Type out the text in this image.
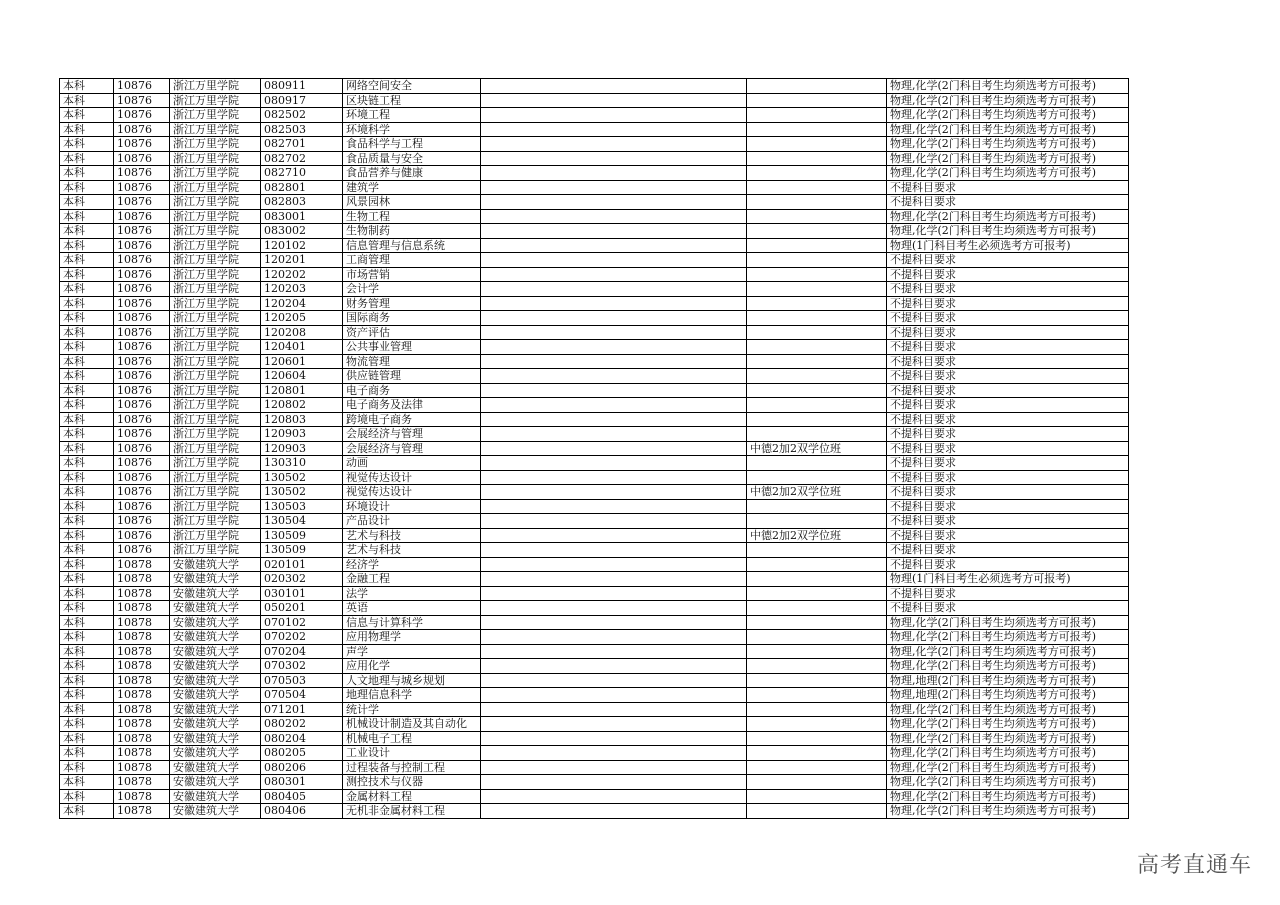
本科	10876	浙江万里学院	080911	网络空间安全			物理,化学(2门科目考生均须选考方可报考)
本科	10876	浙江万里学院	080917	区块链工程			物理,化学(2门科目考生均须选考方可报考)
本科	10876	浙江万里学院	082502	环境工程			物理,化学(2门科目考生均须选考方可报考)
本科	10876	浙江万里学院	082503	环境科学			物理,化学(2门科目考生均须选考方可报考)
本科	10876	浙江万里学院	082701	食品科学与工程			物理,化学(2门科目考生均须选考方可报考)
本科	10876	浙江万里学院	082702	食品质量与安全			物理,化学(2门科目考生均须选考方可报考)
本科	10876	浙江万里学院	082710	食品营养与健康			物理,化学(2门科目考生均须选考方可报考)
本科	10876	浙江万里学院	082801	建筑学			不提科目要求
本科	10876	浙江万里学院	082803	风景园林			不提科目要求
本科	10876	浙江万里学院	083001	生物工程			物理,化学(2门科目考生均须选考方可报考)
本科	10876	浙江万里学院	083002	生物制药			物理,化学(2门科目考生均须选考方可报考)
本科	10876	浙江万里学院	120102	信息管理与信息系统			物理(1门科目考生必须选考方可报考)
本科	10876	浙江万里学院	120201	工商管理			不提科目要求
本科	10876	浙江万里学院	120202	市场营销			不提科目要求
本科	10876	浙江万里学院	120203	会计学			不提科目要求
本科	10876	浙江万里学院	120204	财务管理			不提科目要求
本科	10876	浙江万里学院	120205	国际商务			不提科目要求
本科	10876	浙江万里学院	120208	资产评估			不提科目要求
本科	10876	浙江万里学院	120401	公共事业管理			不提科目要求
本科	10876	浙江万里学院	120601	物流管理			不提科目要求
本科	10876	浙江万里学院	120604	供应链管理			不提科目要求
本科	10876	浙江万里学院	120801	电子商务			不提科目要求
本科	10876	浙江万里学院	120802	电子商务及法律			不提科目要求
本科	10876	浙江万里学院	120803	跨境电子商务			不提科目要求
本科	10876	浙江万里学院	120903	会展经济与管理			不提科目要求
本科	10876	浙江万里学院	120903	会展经济与管理		中德2加2双学位班	不提科目要求
本科	10876	浙江万里学院	130310	动画			不提科目要求
本科	10876	浙江万里学院	130502	视觉传达设计			不提科目要求
本科	10876	浙江万里学院	130502	视觉传达设计		中德2加2双学位班	不提科目要求
本科	10876	浙江万里学院	130503	环境设计			不提科目要求
本科	10876	浙江万里学院	130504	产品设计			不提科目要求
本科	10876	浙江万里学院	130509	艺术与科技		中德2加2双学位班	不提科目要求
本科	10876	浙江万里学院	130509	艺术与科技			不提科目要求
本科	10878	安徽建筑大学	020101	经济学			不提科目要求
本科	10878	安徽建筑大学	020302	金融工程			物理(1门科目考生必须选考方可报考)
本科	10878	安徽建筑大学	030101	法学			不提科目要求
本科	10878	安徽建筑大学	050201	英语			不提科目要求
本科	10878	安徽建筑大学	070102	信息与计算科学			物理,化学(2门科目考生均须选考方可报考)
本科	10878	安徽建筑大学	070202	应用物理学			物理,化学(2门科目考生均须选考方可报考)
本科	10878	安徽建筑大学	070204	声学			物理,化学(2门科目考生均须选考方可报考)
本科	10878	安徽建筑大学	070302	应用化学			物理,化学(2门科目考生均须选考方可报考)
本科	10878	安徽建筑大学	070503	人文地理与城乡规划			物理,地理(2门科目考生均须选考方可报考)
本科	10878	安徽建筑大学	070504	地理信息科学			物理,地理(2门科目考生均须选考方可报考)
本科	10878	安徽建筑大学	071201	统计学			物理,化学(2门科目考生均须选考方可报考)
本科	10878	安徽建筑大学	080202	机械设计制造及其自动化			物理,化学(2门科目考生均须选考方可报考)
本科	10878	安徽建筑大学	080204	机械电子工程			物理,化学(2门科目考生均须选考方可报考)
本科	10878	安徽建筑大学	080205	工业设计			物理,化学(2门科目考生均须选考方可报考)
本科	10878	安徽建筑大学	080206	过程装备与控制工程			物理,化学(2门科目考生均须选考方可报考)
本科	10878	安徽建筑大学	080301	测控技术与仪器			物理,化学(2门科目考生均须选考方可报考)
本科	10878	安徽建筑大学	080405	金属材料工程			物理,化学(2门科目考生均须选考方可报考)
本科	10878	安徽建筑大学	080406	无机非金属材料工程			物理,化学(2门科目考生均须选考方可报考)
高考直通车
